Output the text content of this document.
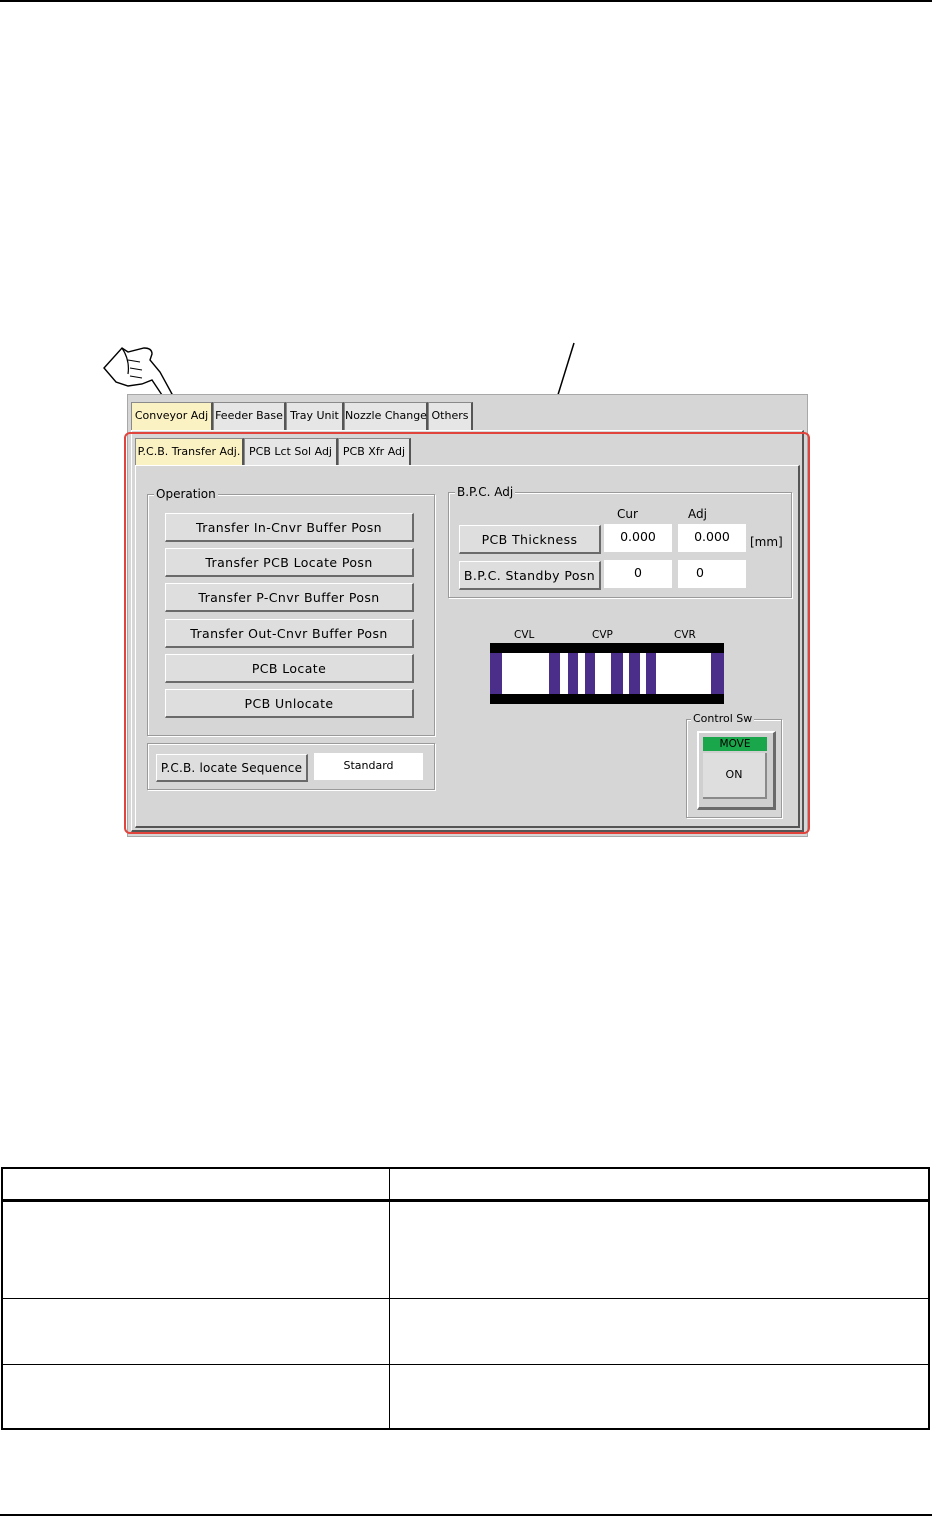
Conveyor Adj Feeder Base Tray Unit Nozzle Change Others
P.C.B. Transfer Adj. PCB Lct Sol Adj PCB Xfr Adj
Operation
Transfer In-Cnvr Buffer Posn
Transfer PCB Locate Posn
Transfer P-Cnvr Buffer Posn
Transfer Out-Cnvr Buffer Posn
PCB Locate
PCB Unlocate
P.C.B. locate Sequence	Standard
B.P.C. Adj
Cur	Adj
PCB Thickness	0.000	0.000	[mm]
B.P.C. Standby Posn	0	0
CVL	CVP	CVR
Control Sw
MOVE
ON
